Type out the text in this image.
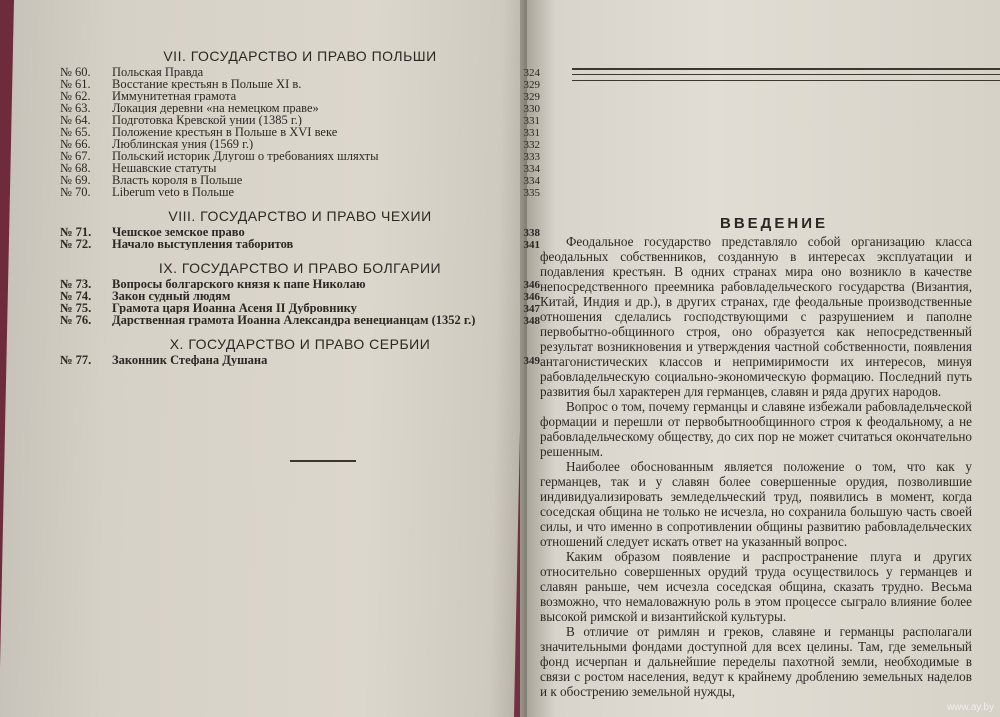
VII. ГОСУДАРСТВО И ПРАВО ПОЛЬШИ
№ 60.	Польская Правда	324
№ 61.	Восстание крестьян в Польше XI в.	329
№ 62.	Иммунитетная грамота	329
№ 63.	Локация деревни «на немецком праве»	330
№ 64.	Подготовка Кревской унии (1385 г.)	331
№ 65.	Положение крестьян в Польше в XVI веке	331
№ 66.	Люблинская уния (1569 г.)	332
№ 67.	Польский историк Длугош о требованиях шляхты	333
№ 68.	Нешавские статуты	334
№ 69.	Власть короля в Польше	334
№ 70.	Liberum veto в Польше	335
VIII. ГОСУДАРСТВО И ПРАВО ЧЕХИИ
№ 71.	Чешское земское право	338
№ 72.	Начало выступления таборитов	341
IX. ГОСУДАРСТВО И ПРАВО БОЛГАРИИ
№ 73.	Вопросы болгарского князя к папе Николаю	346
№ 74.	Закон судный людям	346
№ 75.	Грамота царя Иоанна Асеня II Дубровнику	347
№ 76.	Дарственная грамота Иоанна Александра венецианцам (1352 г.)	348
X. ГОСУДАРСТВО И ПРАВО СЕРБИИ
№ 77.	Законник Стефана Душана	349
ВВЕДЕНИЕ

Феодальное государство представляло собой организацию класса феодальных собственников, созданную в интересах эксплуатации и подавления крестьян. В одних странах мира оно возникло в качестве непосредственного преемника рабовладельческого государства (Византия, Китай, Индия и др.), в других странах, где феодальные производственные отношения сделались господствующими с разрушением и паполне первобытно-общинного строя, оно образуется как непосредственный результат возникновения и утверждения частной собственности, появления антагонистических классов и непримиримости их интересов, минуя рабовладельческую социально-экономическую формацию. Последний путь развития был характерен для германцев, славян и ряда других народов.

Вопрос о том, почему германцы и славяне избежали рабовладельческой формации и перешли от первобытнообщинного строя к феодальному, а не рабовладельческому обществу, до сих пор не может считаться окончательно решенным.

Наиболее обоснованным является положение о том, что как у германцев, так и у славян более совершенные орудия, позволившие индивидуализировать земледельческий труд, появились в момент, когда соседская община не только не исчезла, но сохранила большую часть своей силы, и что именно в сопротивлении общины развитию рабовладельческих отношений следует искать ответ на указанный вопрос.

Каким образом появление и распространение плуга и других относительно совершенных орудий труда осуществилось у германцев и славян раньше, чем исчезла соседская община, сказать трудно. Весьма возможно, что немаловажную роль в этом процессе сыграло влияние более высокой римской и византийской культуры.

В отличие от римлян и греков, славяне и германцы располагали значительными фондами доступной для всех целины. Там, где земельный фонд исчерпан и дальнейшие переделы пахотной земли, необходимые в связи с ростом населения, ведут к крайнему дроблению земельных наделов и к обострению земельной нужды,

www.ay.by
